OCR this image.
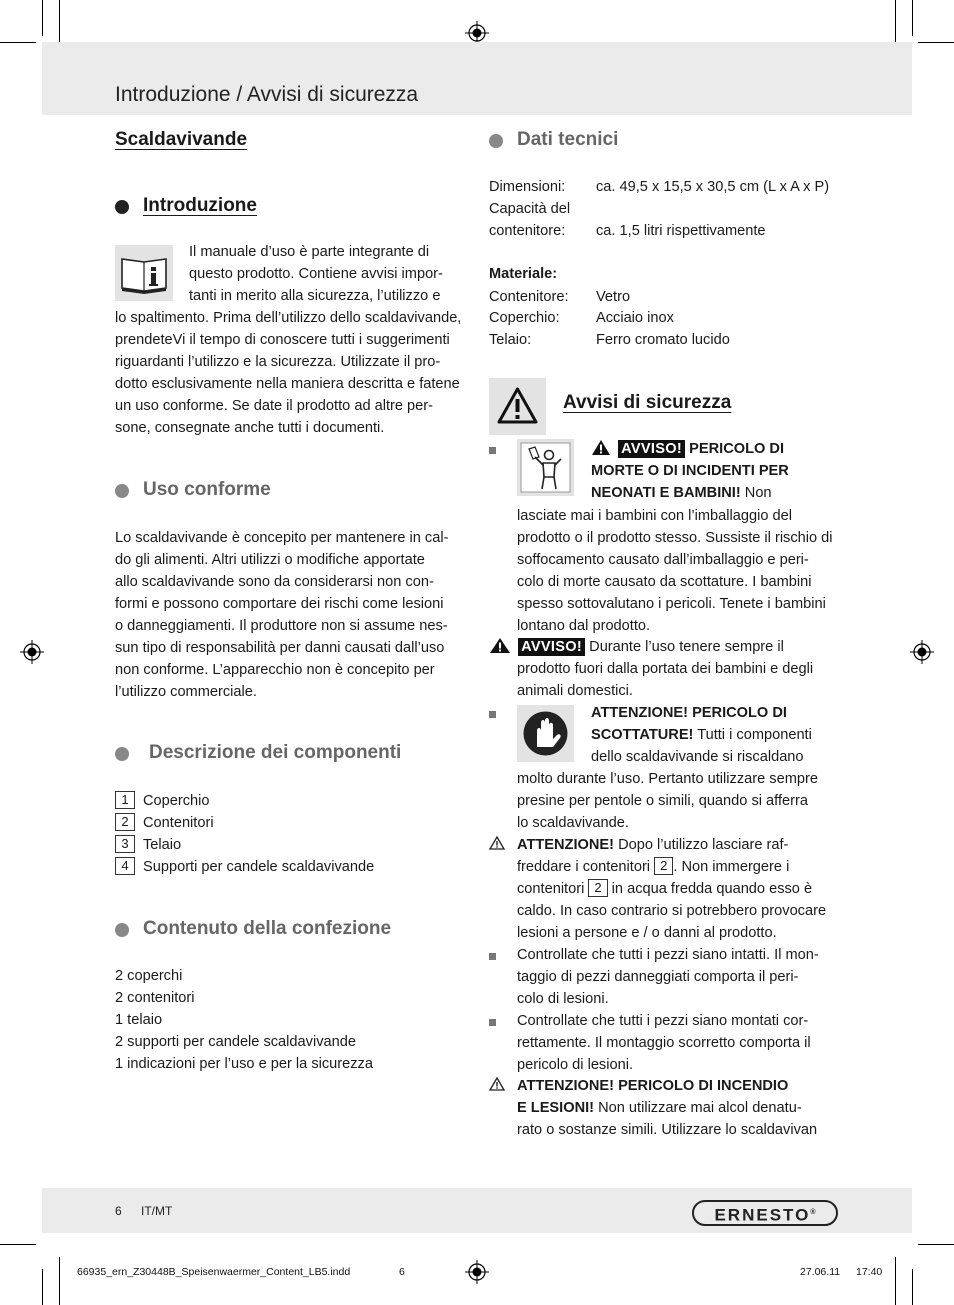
Introduzione / Avvisi di sicurezza
Scaldavivande
Introduzione
Il manuale d’uso è parte integrante di
questo prodotto. Contiene avvisi impor-
tanti in merito alla sicurezza, l’utilizzo e
lo spaltimento. Prima dell’utilizzo dello scaldavivande,
prendeteVi il tempo di conoscere tutti i suggerimenti
riguardanti l’utilizzo e la sicurezza. Utilizzate il pro-
dotto esclusivamente nella maniera descritta e fatene
un uso conforme. Se date il prodotto ad altre per-
sone, consegnate anche tutti i documenti.
Uso conforme
Lo scaldavivande è concepito per mantenere in cal-
do gli alimenti. Altri utilizzi o modifiche apportate
allo scaldavivande sono da considerarsi non con-
formi e possono comportare dei rischi come lesioni
o danneggiamenti. Il produttore non si assume nes-
sun tipo di responsabilità per danni causati dall’uso
non conforme. L’apparecchio non è concepito per
l’utilizzo commerciale.
Descrizione dei componenti
1 Coperchio
2 Contenitori
3 Telaio
4 Supporti per candele scaldavivande
Contenuto della confezione
2 coperchi
2 contenitori
1 telaio
2 supporti per candele scaldavivande
1 indicazioni per l’uso e per la sicurezza
Dati tecnici
Dimensioni: ca. 49,5 x 15,5 x 30,5 cm (L x A x P)
Capacità del
contenitore: ca. 1,5 litri rispettivamente
Materiale:
Contenitore: Vetro
Coperchio: Acciaio inox
Telaio:	Ferro cromato lucido
Avvisi di sicurezza
AVVISO! PERICOLO DI
MORTE O DI INCIDENTI PER
NEONATI E BAMBINI! Non
lasciate mai i bambini con l’imballaggio del
prodotto o il prodotto stesso. Sussiste il rischio di
soffocamento causato dall’imballaggio e peri-
colo di morte causato da scottature. I bambini
spesso sottovalutano i pericoli. Tenete i bambini
lontano dal prodotto.
AVVISO! Durante l’uso tenere sempre il
prodotto fuori dalla portata dei bambini e degli
animali domestici.
ATTENZIONE! PERICOLO DI
SCOTTATURE! Tutti i componenti
dello scaldavivande si riscaldano
molto durante l’uso. Pertanto utilizzare sempre
presine per pentole o simili, quando si afferra
lo scaldavivande.
ATTENZIONE! Dopo l’utilizzo lasciare raf-
freddare i contenitori 2 . Non immergere i
contenitori 2 in acqua fredda quando esso è
caldo. In caso contrario si potrebbero provocare
lesioni a persone e / o danni al prodotto.
Controllate che tutti i pezzi siano intatti. Il mon-
taggio di pezzi danneggiati comporta il peri-
colo di lesioni.
Controllate che tutti i pezzi siano montati cor-
rettamente. Il montaggio scorretto comporta il
pericolo di lesioni.
ATTENZIONE! PERICOLO DI INCENDIO
E LESIONI! Non utilizzare mai alcol denatu-
rato o sostanze simili. Utilizzare lo scaldavivan
6 IT/MT	ERNESTO®
66935_ern_Z30448B_Speisenwaermer_Content_LB5.indd	6	27.06.11 17:40
